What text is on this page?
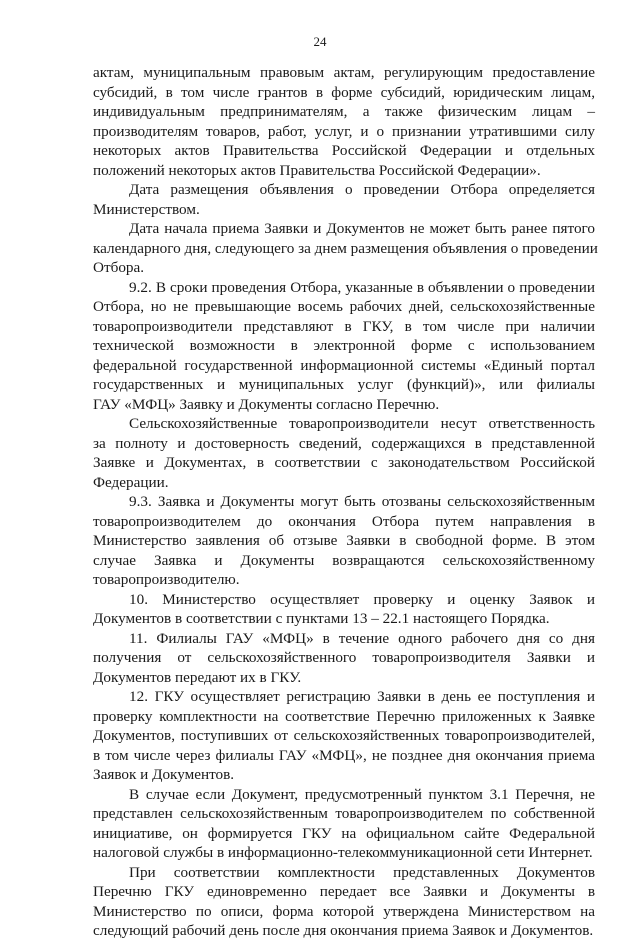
24
актам, муниципальным правовым актам, регулирующим предоставление
субсидий, в том числе грантов в форме субсидий, юридическим лицам,
индивидуальным предпринимателям, а также физическим лицам –
производителям товаров, работ, услуг, и о признании утратившими силу
некоторых актов Правительства Российской Федерации и отдельных
положений некоторых актов Правительства Российской Федерации».
Дата размещения объявления о проведении Отбора определяется
Министерством.
Дата начала приема Заявки и Документов не может быть ранее пятого
календарного дня, следующего за днем размещения объявления о проведении
Отбора.
9.2. В сроки проведения Отбора, указанные в объявлении о проведении
Отбора, но не превышающие восемь рабочих дней, сельскохозяйственные
товаропроизводители представляют в ГКУ, в том числе при наличии
технической возможности в электронной форме с использованием
федеральной государственной информационной системы «Единый портал
государственных и муниципальных услуг (функций)», или филиалы
ГАУ «МФЦ» Заявку и Документы согласно Перечню.
Сельскохозяйственные товаропроизводители несут ответственность
за полноту и достоверность сведений, содержащихся в представленной
Заявке и Документах, в соответствии с законодательством Российской
Федерации.
9.3. Заявка и Документы могут быть отозваны сельскохозяйственным
товаропроизводителем до окончания Отбора путем направления в
Министерство заявления об отзыве Заявки в свободной форме. В этом
случае Заявка и Документы возвращаются сельскохозяйственному
товаропроизводителю.
10. Министерство осуществляет проверку и оценку Заявок и
Документов в соответствии с пунктами 13 – 22.1 настоящего Порядка.
11. Филиалы ГАУ «МФЦ» в течение одного рабочего дня со дня
получения от сельскохозяйственного товаропроизводителя Заявки и
Документов передают их в ГКУ.
12. ГКУ осуществляет регистрацию Заявки в день ее поступления и
проверку комплектности на соответствие Перечню приложенных к Заявке
Документов, поступивших от сельскохозяйственных товаропроизводителей,
в том числе через филиалы ГАУ «МФЦ», не позднее дня окончания приема
Заявок и Документов.
В случае если Документ, предусмотренный пунктом 3.1 Перечня, не
представлен сельскохозяйственным товаропроизводителем по собственной
инициативе, он формируется ГКУ на официальном сайте Федеральной
налоговой службы в информационно-телекоммуникационной сети Интернет.
При соответствии комплектности представленных Документов
Перечню ГКУ единовременно передает все Заявки и Документы в
Министерство по описи, форма которой утверждена Министерством на
следующий рабочий день после дня окончания приема Заявок и Документов.
